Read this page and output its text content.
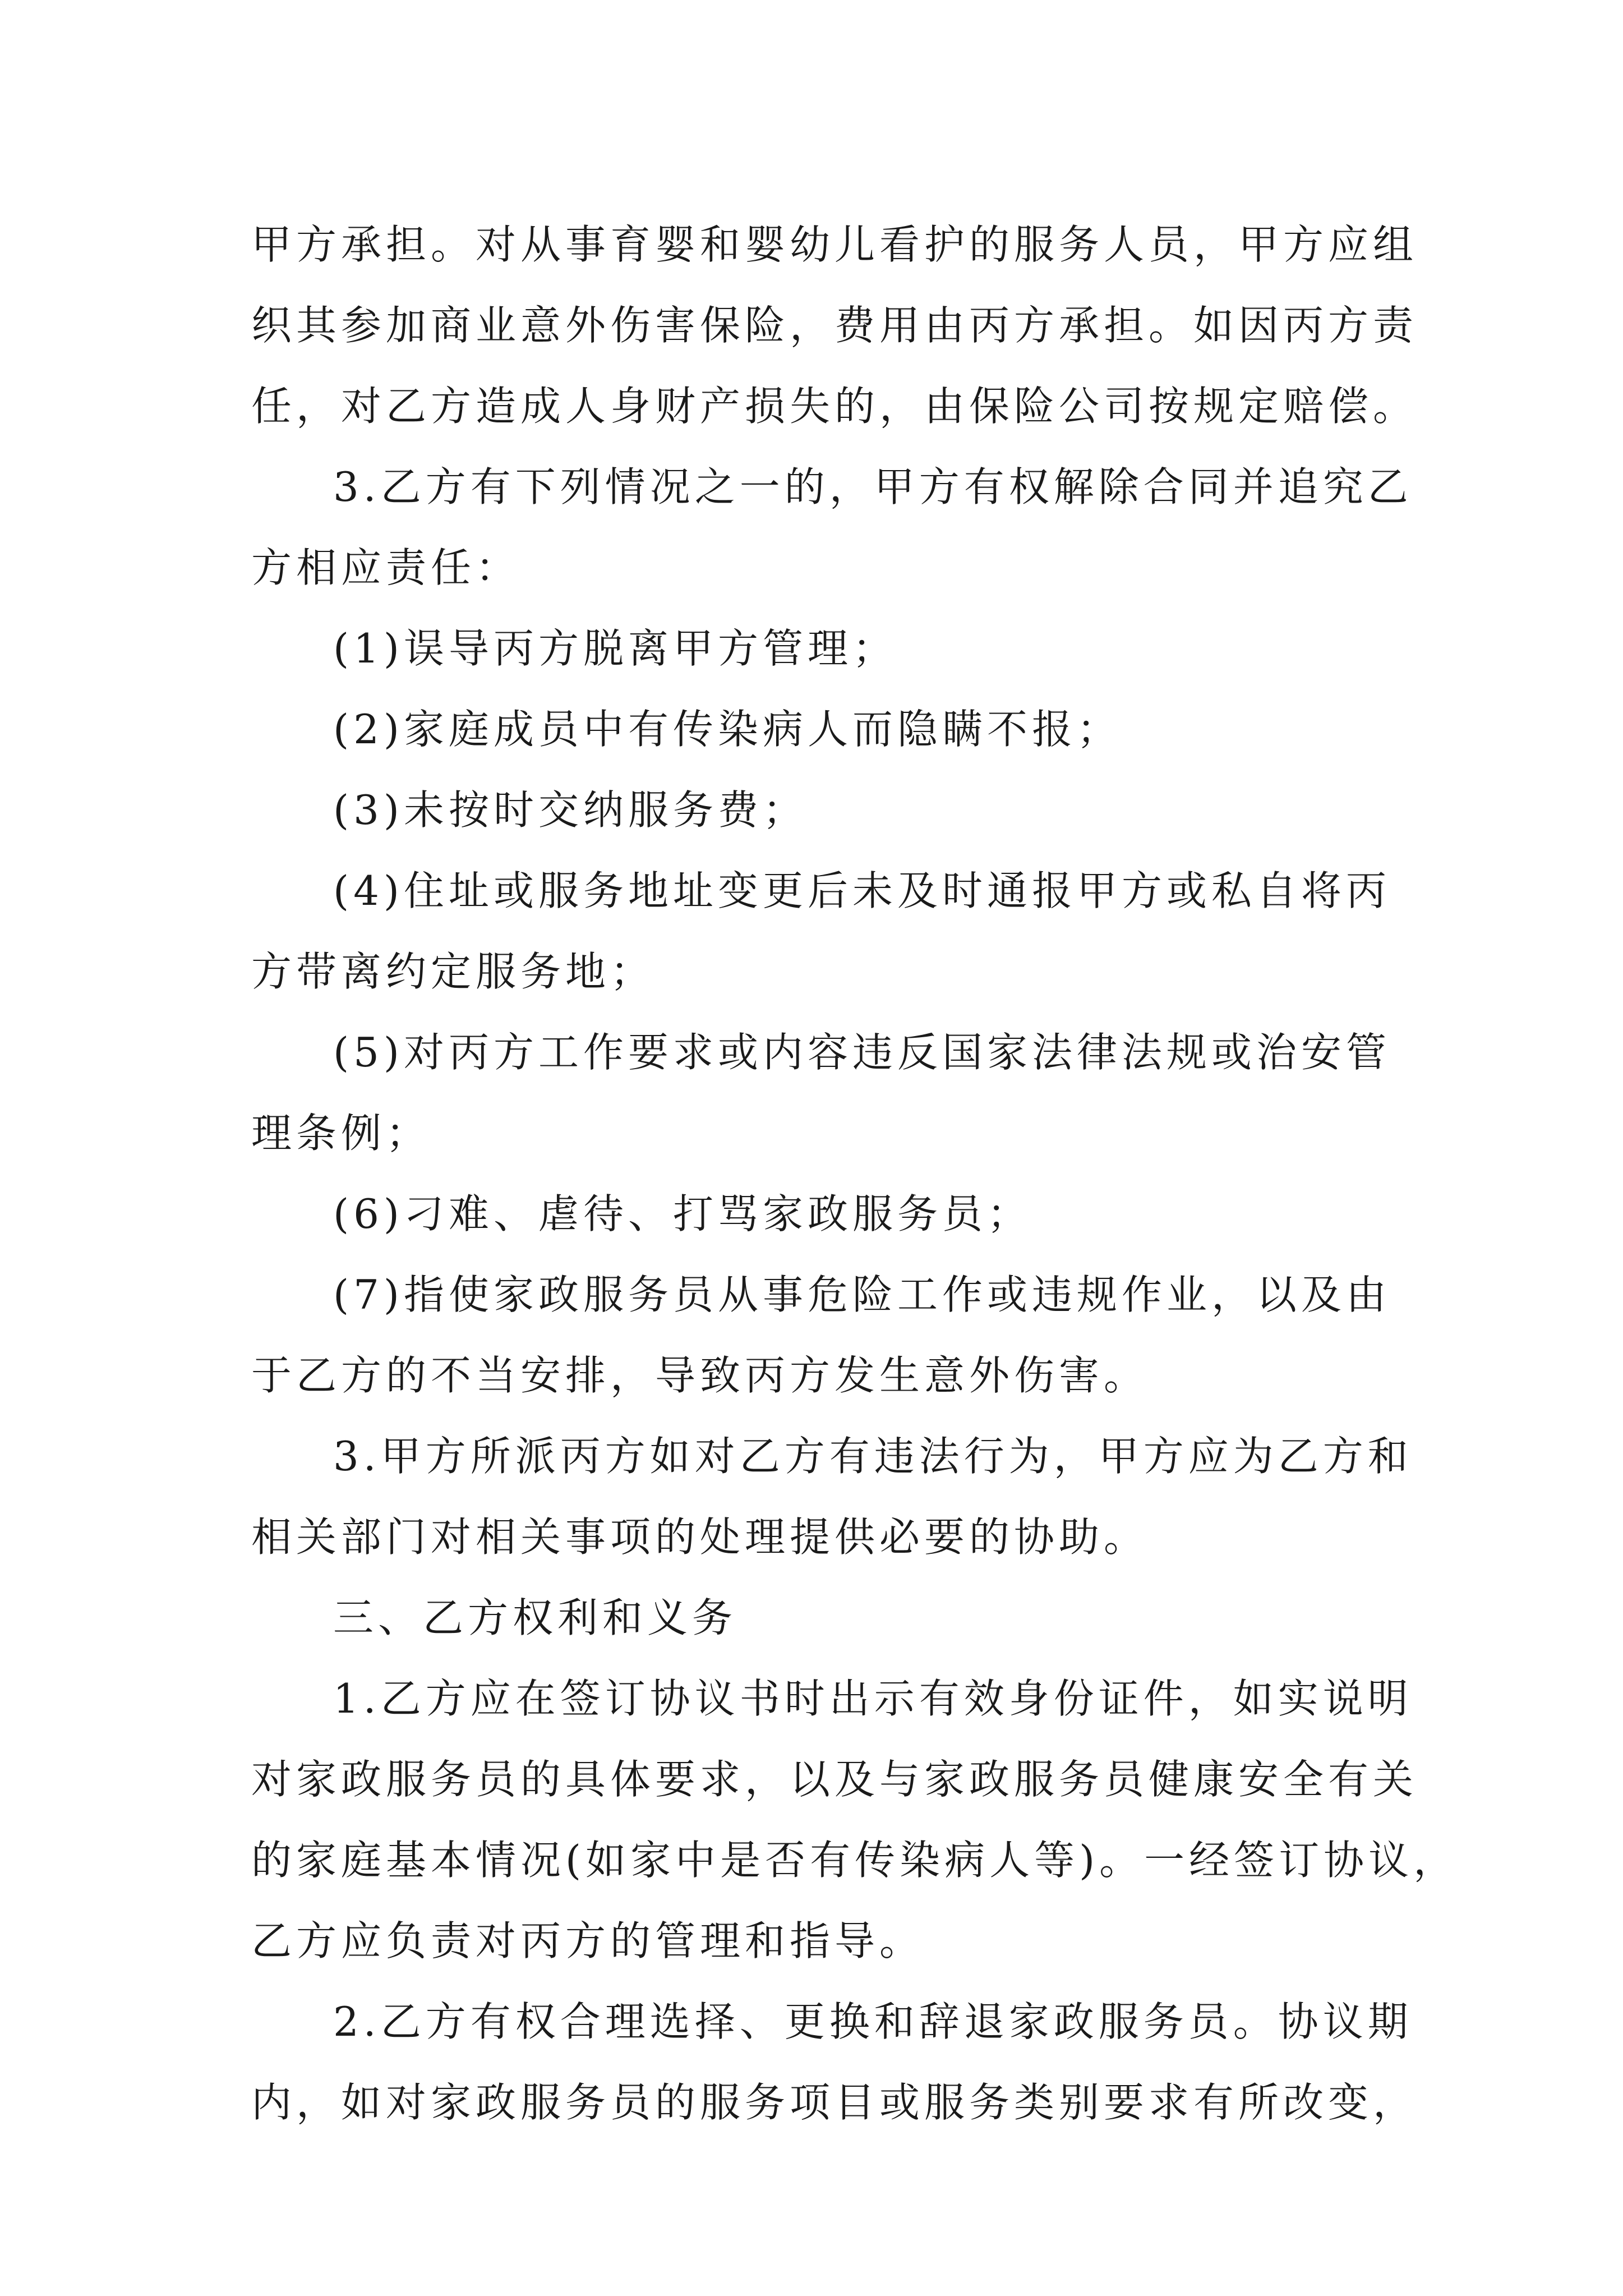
甲方承担。对从事育婴和婴幼儿看护的服务人员，甲方应组
织其参加商业意外伤害保险，费用由丙方承担。如因丙方责
任，对乙方造成人身财产损失的，由保险公司按规定赔偿。
3.乙方有下列情况之一的，甲方有权解除合同并追究乙
方相应责任：
(1)误导丙方脱离甲方管理；
(2)家庭成员中有传染病人而隐瞒不报；
(3)未按时交纳服务费；
(4)住址或服务地址变更后未及时通报甲方或私自将丙
方带离约定服务地；
(5)对丙方工作要求或内容违反国家法律法规或治安管
理条例；
(6)刁难、虐待、打骂家政服务员；
(7)指使家政服务员从事危险工作或违规作业，以及由
于乙方的不当安排，导致丙方发生意外伤害。
3.甲方所派丙方如对乙方有违法行为，甲方应为乙方和
相关部门对相关事项的处理提供必要的协助。
三、乙方权利和义务
1.乙方应在签订协议书时出示有效身份证件，如实说明
对家政服务员的具体要求，以及与家政服务员健康安全有关
的家庭基本情况(如家中是否有传染病人等)。一经签订协议，
乙方应负责对丙方的管理和指导。
2.乙方有权合理选择、更换和辞退家政服务员。协议期
内，如对家政服务员的服务项目或服务类别要求有所改变，
